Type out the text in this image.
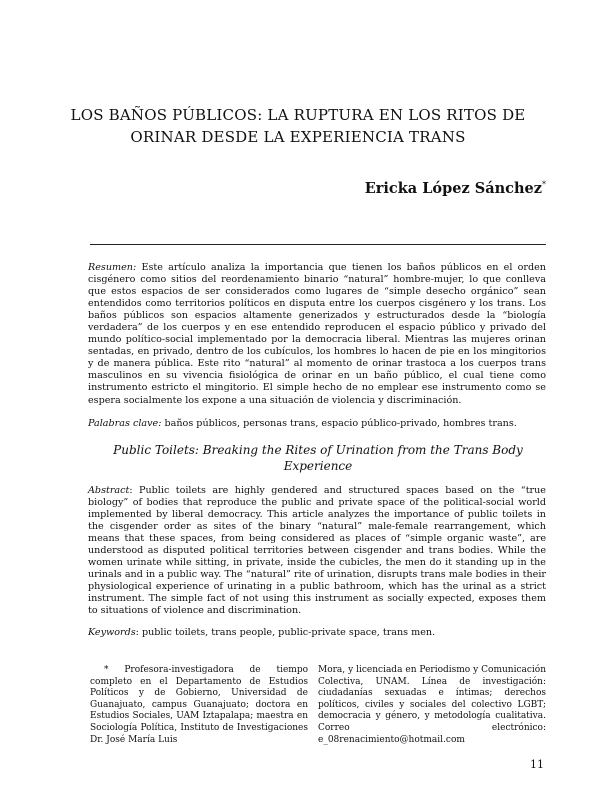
LOS BAÑOS PÚBLICOS: LA RUPTURA EN LOS RITOS DE
ORINAR DESDE LA EXPERIENCIA TRANS
Ericka López Sánchez*
Resumen: Este artículo analiza la importancia que tienen los baños públicos en el orden cisgénero como sitios del reordenamiento binario “natural” hombre-mujer, lo que conlleva que estos espacios de ser considerados como lugares de “simple desecho orgánico” sean entendidos como territorios políticos en disputa entre los cuerpos cisgénero y los trans. Los baños públicos son espacios altamente generizados y estructurados desde la “biología verdadera” de los cuerpos y en ese entendido reproducen el espacio público y privado del mundo político-social implementado por la democracia liberal. Mientras las mujeres orinan sentadas, en privado, dentro de los cubículos, los hombres lo hacen de pie en los mingitorios y de manera pública. Este rito “natural” al momento de orinar trastoca a los cuerpos trans masculinos en su vivencia fisiológica de orinar en un baño público, el cual tiene como instrumento estricto el mingitorio. El simple hecho de no emplear ese instrumento como se espera socialmente los expone a una situación de violencia y discriminación.
Palabras clave: baños públicos, personas trans, espacio público-privado, hombres trans.
Public Toilets: Breaking the Rites of Urination from the Trans Body Experience
Abstract: Public toilets are highly gendered and structured spaces based on the “true biology” of bodies that reproduce the public and private space of the political-social world implemented by liberal democracy. This article analyzes the importance of public toilets in the cisgender order as sites of the binary “natural” male-female rearrangement, which means that these spaces, from being considered as places of “simple organic waste”, are understood as disputed political territories between cisgender and trans bodies. While the women urinate while sitting, in private, inside the cubicles, the men do it standing up in the urinals and in a public way. The “natural” rite of urination, disrupts trans male bodies in their physiological experience of urinating in a public bathroom, which has the urinal as a strict instrument. The simple fact of not using this instrument as socially expected, exposes them to situations of violence and discrimination.
Keywords: public toilets, trans people, public-private space, trans men.
* Profesora-investigadora de tiempo completo en el Departamento de Estudios Políticos y de Gobierno, Universidad de Guanajuato, campus Guanajuato; doctora en Estudios Sociales, UAM Iztapalapa; maestra en Sociología Política, Instituto de Investigaciones Dr. José María Luis
Mora, y licenciada en Periodismo y Comunicación Colectiva, UNAM. Línea de investigación: ciudadanías sexuadas e íntimas; derechos políticos, civiles y sociales del colectivo LGBT; democracia y género, y metodología cualitativa. Correo electrónico: e_08renacimiento@hotmail.com
11
